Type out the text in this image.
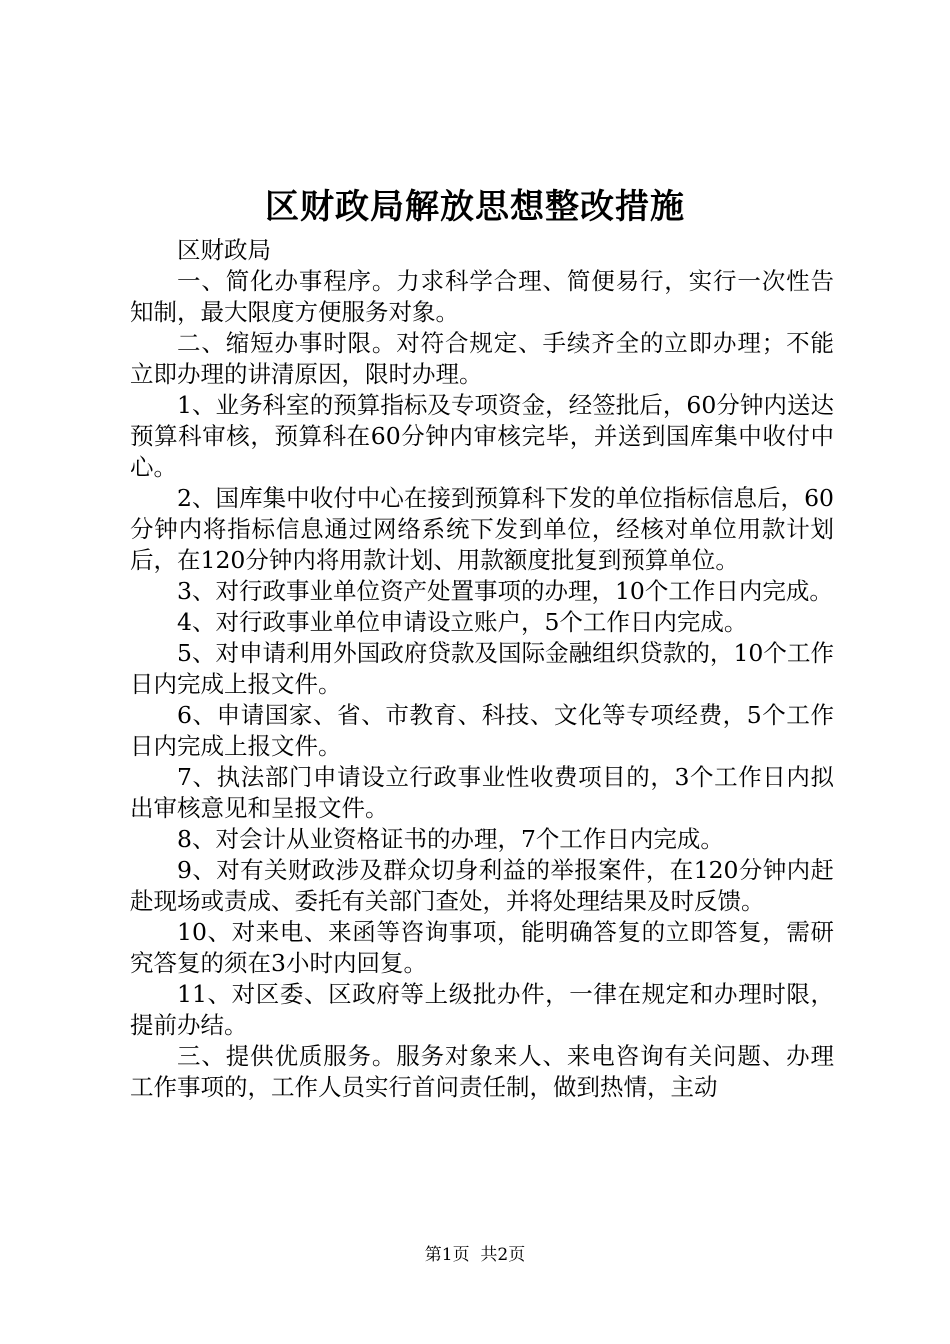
区财政局解放思想整改措施

区财政局

一、简化办事程序。力求科学合理、简便易行，实行一次性告知制，最大限度方便服务对象。

二、缩短办事时限。对符合规定、手续齐全的立即办理；不能立即办理的讲清原因，限时办理。

1、业务科室的预算指标及专项资金，经签批后，60分钟内送达预算科审核，预算科在60分钟内审核完毕，并送到国库集中收付中心。

2、国库集中收付中心在接到预算科下发的单位指标信息后，60分钟内将指标信息通过网络系统下发到单位，经核对单位用款计划后，在120分钟内将用款计划、用款额度批复到预算单位。

3、对行政事业单位资产处置事项的办理，10个工作日内完成。

4、对行政事业单位申请设立账户，5个工作日内完成。

5、对申请利用外国政府贷款及国际金融组织贷款的，10个工作日内完成上报文件。

6、申请国家、省、市教育、科技、文化等专项经费，5个工作日内完成上报文件。

7、执法部门申请设立行政事业性收费项目的，3个工作日内拟出审核意见和呈报文件。

8、对会计从业资格证书的办理，7个工作日内完成。

9、对有关财政涉及群众切身利益的举报案件，在120分钟内赶赴现场或责成、委托有关部门查处，并将处理结果及时反馈。

10、对来电、来函等咨询事项，能明确答复的立即答复，需研究答复的须在3小时内回复。

11、对区委、区政府等上级批办件，一律在规定和办理时限，提前办结。

三、提供优质服务。服务对象来人、来电咨询有关问题、办理工作事项的，工作人员实行首问责任制，做到热情，主动

第1页 共2页
